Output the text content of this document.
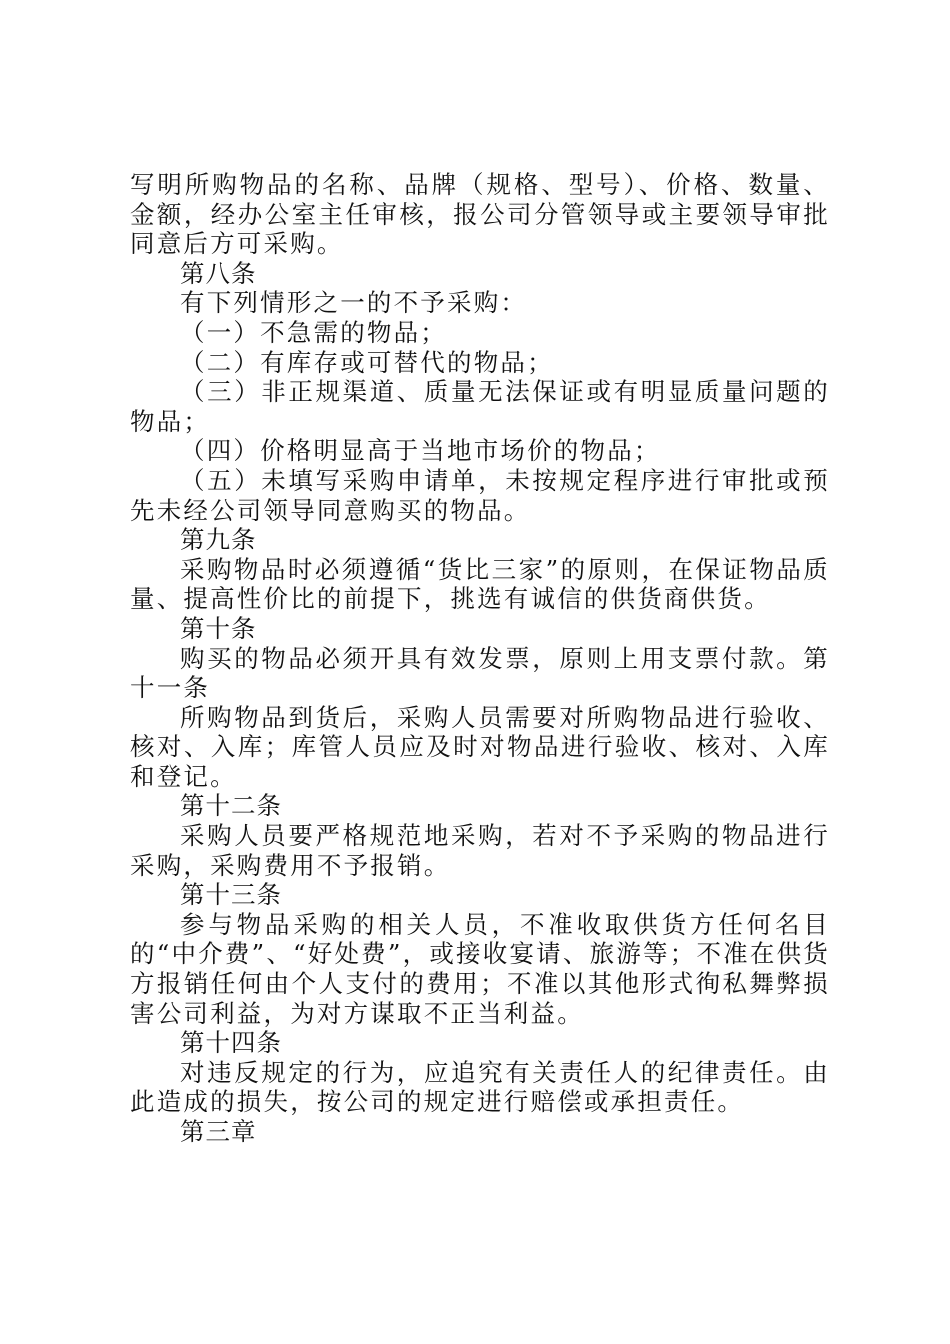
写明所购物品的名称、品牌（规格、型号）、价格、数量、金额，经办公室主任审核，报公司分管领导或主要领导审批同意后方可采购。

第八条

有下列情形之一的不予采购：

（一）不急需的物品；

（二）有库存或可替代的物品；

（三）非正规渠道、质量无法保证或有明显质量问题的物品；

（四）价格明显高于当地市场价的物品；

（五）未填写采购申请单，未按规定程序进行审批或预先未经公司领导同意购买的物品。

第九条

采购物品时必须遵循“货比三家”的原则，在保证物品质量、提高性价比的前提下，挑选有诚信的供货商供货。

第十条

购买的物品必须开具有效发票，原则上用支票付款。第十一条

所购物品到货后，采购人员需要对所购物品进行验收、核对、入库；库管人员应及时对物品进行验收、核对、入库和登记。

第十二条

采购人员要严格规范地采购，若对不予采购的物品进行采购，采购费用不予报销。

第十三条

参与物品采购的相关人员，不准收取供货方任何名目的“中介费”、“好处费”，或接收宴请、旅游等；不准在供货方报销任何由个人支付的费用；不准以其他形式徇私舞弊损害公司利益，为对方谋取不正当利益。

第十四条

对违反规定的行为，应追究有关责任人的纪律责任。由此造成的损失，按公司的规定进行赔偿或承担责任。

第三章
